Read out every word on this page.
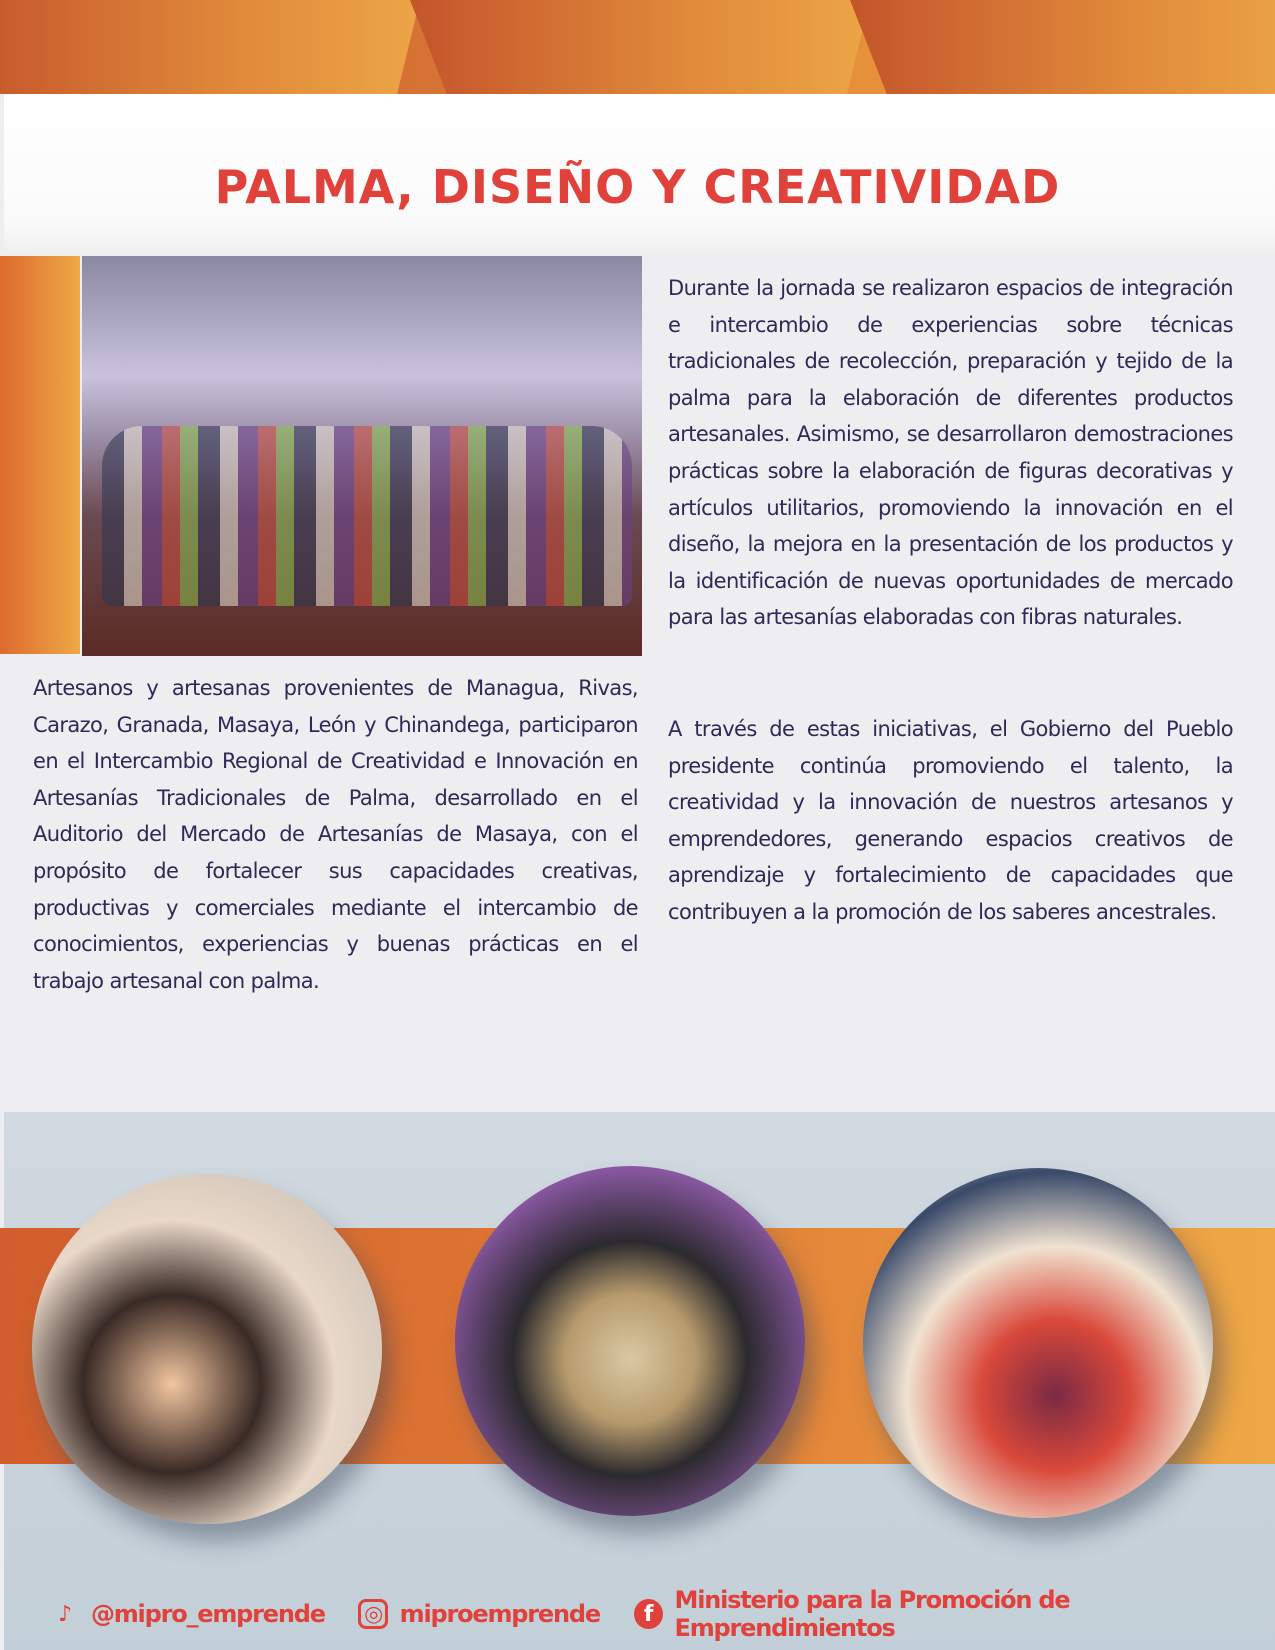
PALMA, DISEÑO Y CREATIVIDAD
Artesanos y artesanas provenientes de Managua, Rivas, Carazo, Granada, Masaya, León y Chinandega, participaron en el Intercambio Regional de Creatividad e Innovación en Artesanías Tradicionales de Palma, desarrollado en el Auditorio del Mercado de Artesanías de Masaya, con el propósito de fortalecer sus capacidades creativas, productivas y comerciales mediante el intercambio de conocimientos, experiencias y buenas prácticas en el trabajo artesanal con palma.
Durante la jornada se realizaron espacios de integración e intercambio de experiencias sobre técnicas tradicionales de recolección, preparación y tejido de la palma para la elaboración de diferentes productos artesanales. Asimismo, se desarrollaron demostraciones prácticas sobre la elaboración de figuras decorativas y artículos utilitarios, promoviendo la innovación en el diseño, la mejora en la presentación de los productos y la identificación de nuevas oportunidades de mercado para las artesanías elaboradas con fibras naturales.
A través de estas iniciativas, el Gobierno del Pueblo presidente continúa promoviendo el talento, la creatividad y la innovación de nuestros artesanos y emprendedores, generando espacios creativos de aprendizaje y fortalecimiento de capacidades que contribuyen a la promoción de los saberes ancestrales.
♪ @mipro_emprende ◎ miproemprende	f Ministerio para la Promoción de Emprendimientos
